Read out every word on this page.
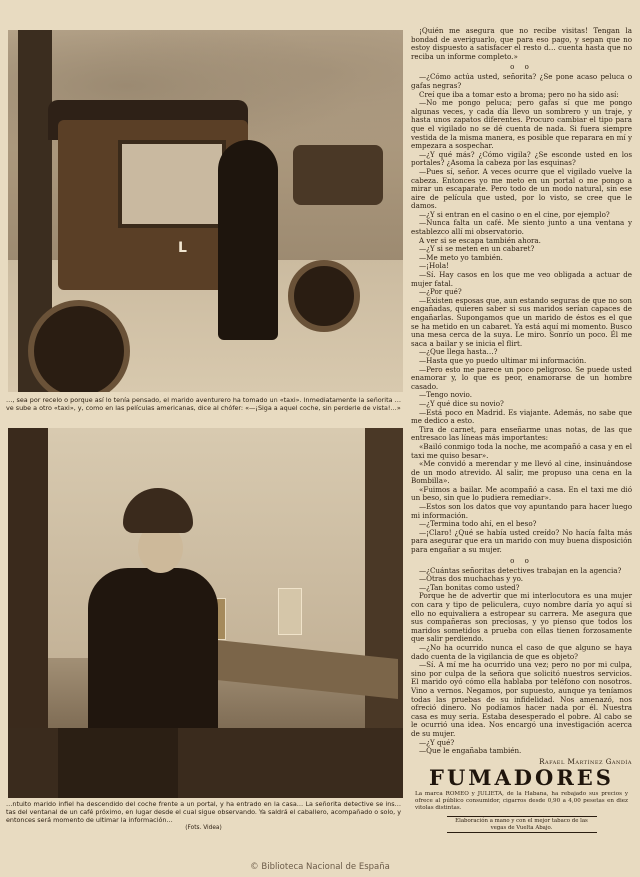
L
…, sea por recelo o porque así lo tenía pensado, el marido aventurero ha tomado un «taxi». Inmediatamente la señorita …ve sube a otro «taxi», y, como en las películas americanas, dice al chófer: «—¡Siga a aquel coche, sin perderle de vista!…»
…ntuito marido infiel ha descendido del coche frente a un portal, y ha entrado en la casa… La señorita detective se ins…tas del ventanal de un café próximo, en lugar desde el cual sigue observando. Ya saldrá el caballero, acompañado o solo, y entonces será momento de ultimar la información…
(Fots. Videa)

¡Quién me asegura que no recibe visitas! Tengan la bondad de averiguarlo, que para eso pago, y sepan que no estoy dispuesto a satisfacer el resto d… cuenta hasta que no reciba un informe completo.»

o o

—¿Cómo actúa usted, señorita? ¿Se pone acaso peluca o gafas negras?

Creí que iba a tomar esto a broma; pero no ha sido así:

—No me pongo peluca; pero gafas sí que me pongo algunas veces, y cada día llevo un sombrero y un traje, y hasta unos zapatos diferentes. Procuro cambiar el tipo para que el vigilado no se dé cuenta de nada. Si fuera siempre vestida de la misma manera, es posible que reparara en mí y empezara a sospechar.

—¿Y qué más? ¿Cómo vigila? ¿Se esconde usted en los portales? ¿Asoma la cabeza por las esquinas?

—Pues sí, señor. A veces ocurre que el vigilado vuelve la cabeza. Entonces yo me meto en un portal o me pongo a mirar un escaparate. Pero todo de un modo natural, sin ese aire de película que usted, por lo visto, se cree que le damos.

—¿Y si entran en el casino o en el cine, por ejemplo?

—Nunca falta un café. Me siento junto a una ventana y establezco allí mi observatorio.

A ver si se escapa también ahora.

—¿Y si se meten en un cabaret?

—Me meto yo también.

—¡Hola!

—Sí. Hay casos en los que me veo obligada a actuar de mujer fatal.

—¿Por qué?

—Existen esposas que, aun estando seguras de que no son engañadas, quieren saber si sus maridos serían capaces de engañarlas. Supongamos que un marido de éstos es el que se ha metido en un cabaret. Ya está aquí mi momento. Busco una mesa cerca de la suya. Le miro. Sonrío un poco. Él me saca a bailar y se inicia el flirt.

—¿Que llega hasta…?

—Hasta que yo puedo ultimar mi información.

—Pero esto me parece un poco peligroso. Se puede usted enamorar y, lo que es peor, enamorarse de un hombre casado.

—Tengo novio.

—¿Y qué dice su novio?

—Está poco en Madrid. Es viajante. Además, no sabe que me dedico a esto.

Tira de carnet, para enseñarme unas notas, de las que entresaco las líneas más importantes:

«Bailó conmigo toda la noche, me acompañó a casa y en el taxi me quiso besar».

«Me convidó a merendar y me llevó al cine, insinuándose de un modo atrevido. Al salir, me propuso una cena en la Bombilla».

«Fuimos a bailar. Me acompañó a casa. En el taxi me dió un beso, sin que lo pudiera remediar».

—Estos son los datos que voy apuntando para hacer luego mi información.

—¿Termina todo ahí, en el beso?

—¡Claro! ¿Qué se había usted creído? No hacía falta más para asegurar que era un marido con muy buena disposición para engañar a su mujer.

o o

—¿Cuántas señoritas detectives trabajan en la agencia?

—Otras dos muchachas y yo.

—¿Tan bonitas como usted?

Porque he de advertir que mi interlocutora es una mujer con cara y tipo de peliculera, cuyo nombre daría yo aquí si ello no equivaliera a estropear su carrera. Me asegura que sus compañeras son preciosas, y yo pienso que todos los maridos sometidos a prueba con ellas tienen forzosamente que salir perdiendo.

—¿No ha ocurrido nunca el caso de que alguno se haya dado cuenta de la vigilancia de que es objeto?

—Sí. A mí me ha ocurrido una vez; pero no por mi culpa, sino por culpa de la señora que solicitó nuestros servicios. El marido oyó cómo ella hablaba por teléfono con nosotros. Vino a vernos. Negamos, por supuesto, aunque ya teníamos todas las pruebas de su infidelidad. Nos amenazó, nos ofreció dinero. No podíamos hacer nada por él. Nuestra casa es muy seria. Estaba desesperado el pobre. Al cabo se le ocurrió una idea. Nos encargó una investigación acerca de su mujer.

—¿Y qué?

—Que le engañaba también.

Rafael Martínez Gandía

FUMADORES
La marca ROMEO y JULIETA, de la Habana, ha rebajado sus precios y ofrece al público consumidor, cigarros desde 0,90 a 4,00 pesetas en diez vitolas distintas.
Elaboración a mano y con el mejor tabaco de las vegas de Vuelta Abajo.
© Biblioteca Nacional de España
